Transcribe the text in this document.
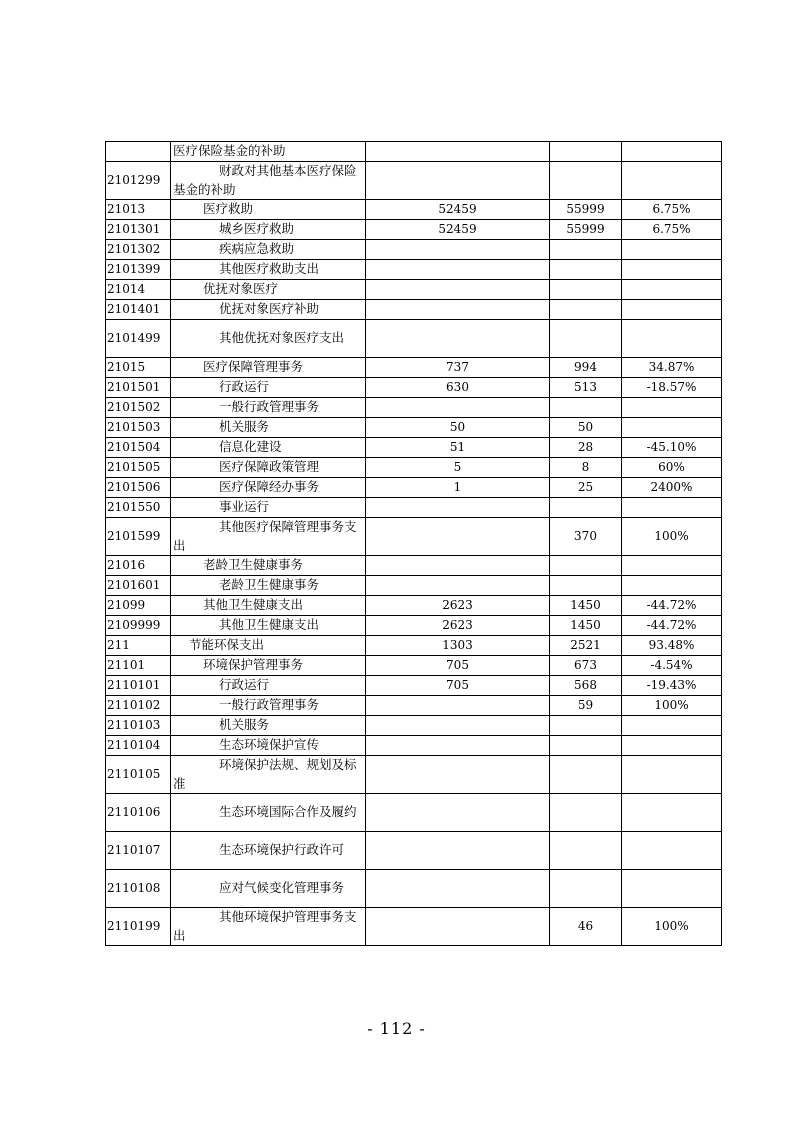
	医疗保险基金的补助			
2101299	财政对其他基本医疗保险基金的补助			
21013	医疗救助	52459	55999	6.75%
2101301	城乡医疗救助	52459	55999	6.75%
2101302	疾病应急救助			
2101399	其他医疗救助支出			
21014	优抚对象医疗			
2101401	优抚对象医疗补助			
2101499	其他优抚对象医疗支出			
21015	医疗保障管理事务	737	994	34.87%
2101501	行政运行	630	513	-18.57%
2101502	一般行政管理事务			
2101503	机关服务	50	50	
2101504	信息化建设	51	28	-45.10%
2101505	医疗保障政策管理	5	8	60%
2101506	医疗保障经办事务	1	25	2400%
2101550	事业运行			
2101599	其他医疗保障管理事务支出		370	100%
21016	老龄卫生健康事务			
2101601	老龄卫生健康事务			
21099	其他卫生健康支出	2623	1450	-44.72%
2109999	其他卫生健康支出	2623	1450	-44.72%
211	节能环保支出	1303	2521	93.48%
21101	环境保护管理事务	705	673	-4.54%
2110101	行政运行	705	568	-19.43%
2110102	一般行政管理事务		59	100%
2110103	机关服务			
2110104	生态环境保护宣传			
2110105	环境保护法规、规划及标准			
2110106	生态环境国际合作及履约			
2110107	生态环境保护行政许可			
2110108	应对气候变化管理事务			
2110199	其他环境保护管理事务支出		46	100%
- 112 -
